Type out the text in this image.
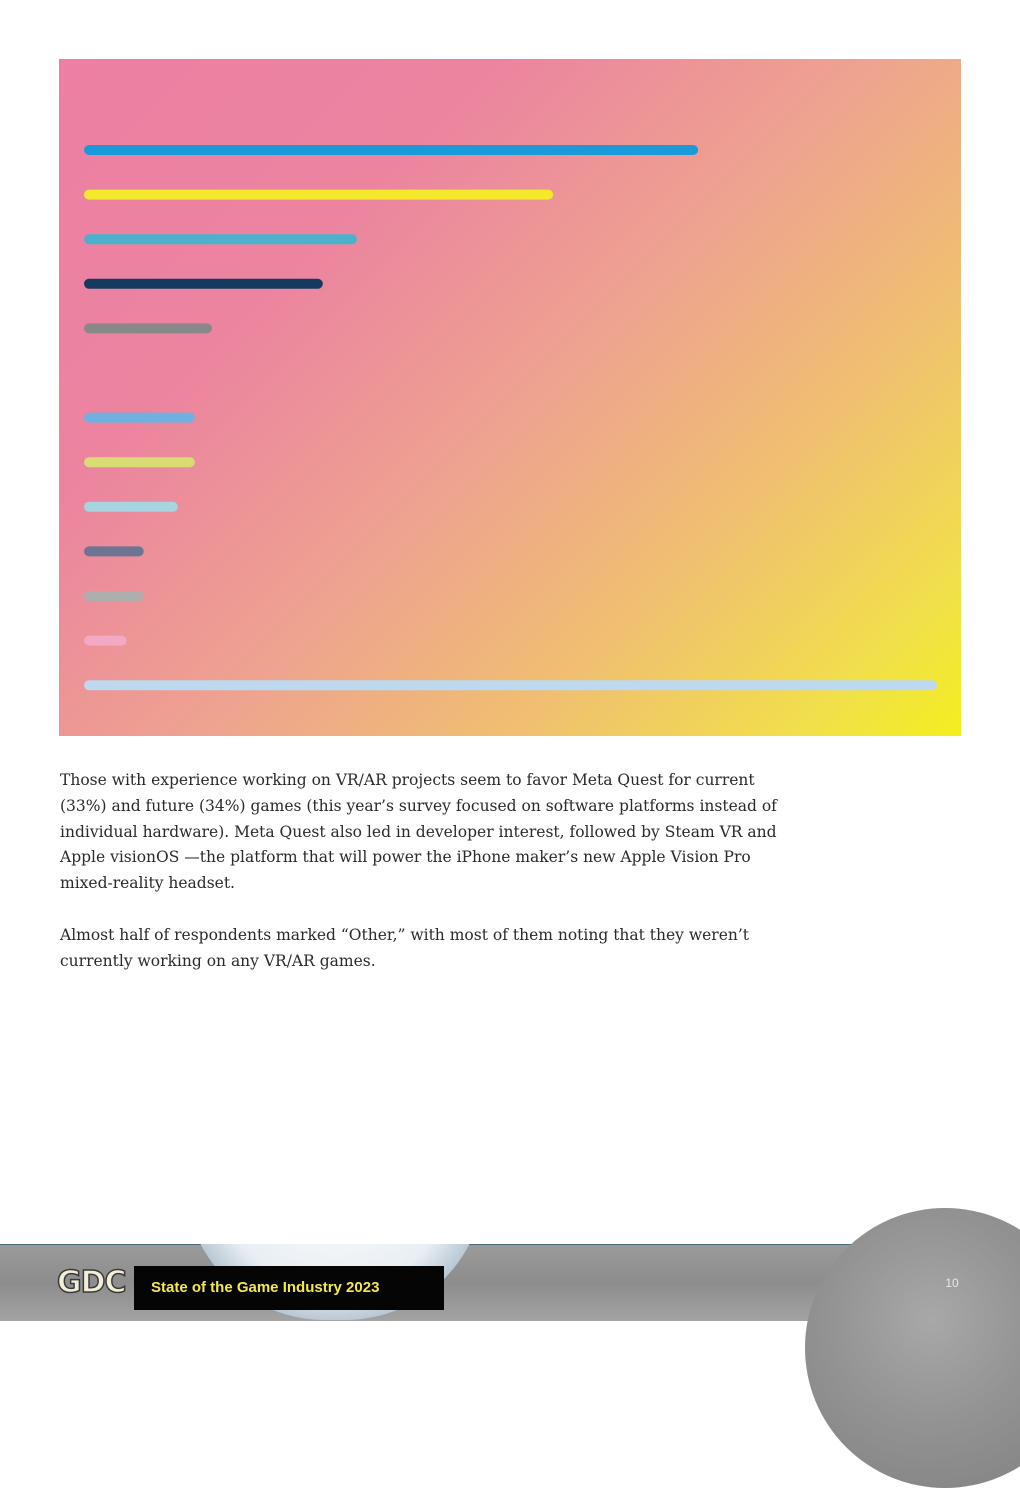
Those with experience working on VR/AR projects seem to favor Meta Quest for current (33%) and future (34%) games (this year’s survey focused on software platforms instead of individual hardware). Meta Quest also led in developer interest, followed by Steam VR and Apple visionOS —the platform that will power the iPhone maker’s new Apple Vision Pro mixed-reality headset.

Almost half of respondents marked “Other,” with most of them noting that they weren’t currently working on any VR/AR games.

GDC State of the Game Industry 2023	10
